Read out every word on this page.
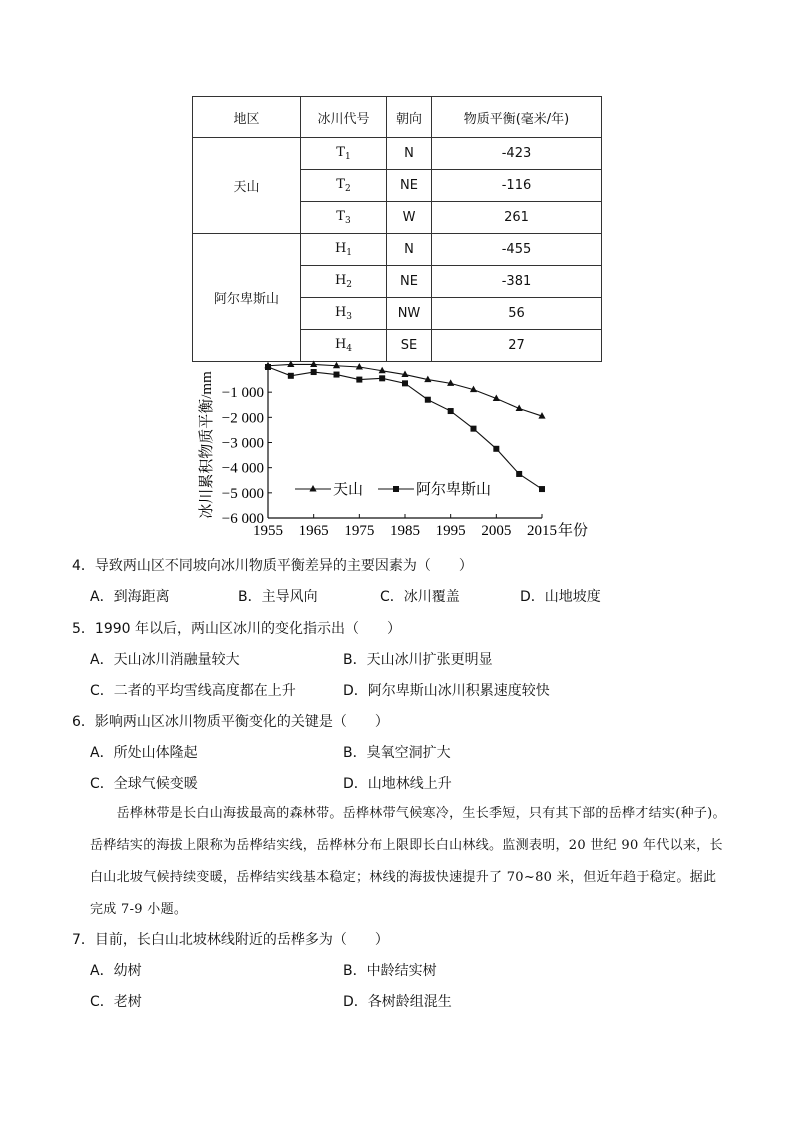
地区	冰川代号	朝向	物质平衡(毫米/年)
天山	$T_1$	N	-423
	$T_2$	NE	-116
	$T_3$	W	261
阿尔卑斯山	$H_1$	N	-455
	$H_2$	NE	-381
	$H_3$	NW	56
	$H_4$	SE	27
冰川累积物质平衡/mm −1 000
−2 000
−3 000
−4 000
−5 000
−6 000
1955 1965 1975 1985 1995 2005 2015 年份
天山	阿尔卑斯山
4．导致两山区不同坡向冰川物质平衡差异的主要因素为（　　）
A．到海距离	B．主导风向	C．冰川覆盖	D．山地坡度
5．1990 年以后，两山区冰川的变化指示出（　　）
A．天山冰川消融量较大	B．天山冰川扩张更明显
C．二者的平均雪线高度都在上升	D．阿尔卑斯山冰川积累速度较快
6．影响两山区冰川物质平衡变化的关键是（　　）
A．所处山体隆起	B．臭氧空洞扩大
C．全球气候变暖	D．山地林线上升
　　岳桦林带是长白山海拔最高的森林带。岳桦林带气候寒冷，生长季短，只有其下部的岳桦才结实(种子)。
岳桦结实的海拔上限称为岳桦结实线，岳桦林分布上限即长白山林线。监测表明，20 世纪 90 年代以来，长
白山北坡气候持续变暖，岳桦结实线基本稳定；林线的海拔快速提升了 70~80 米，但近年趋于稳定。据此
完成 7-9 小题。
7．目前，长白山北坡林线附近的岳桦多为（　　）
A．幼树	B．中龄结实树
C．老树	D．各树龄组混生
